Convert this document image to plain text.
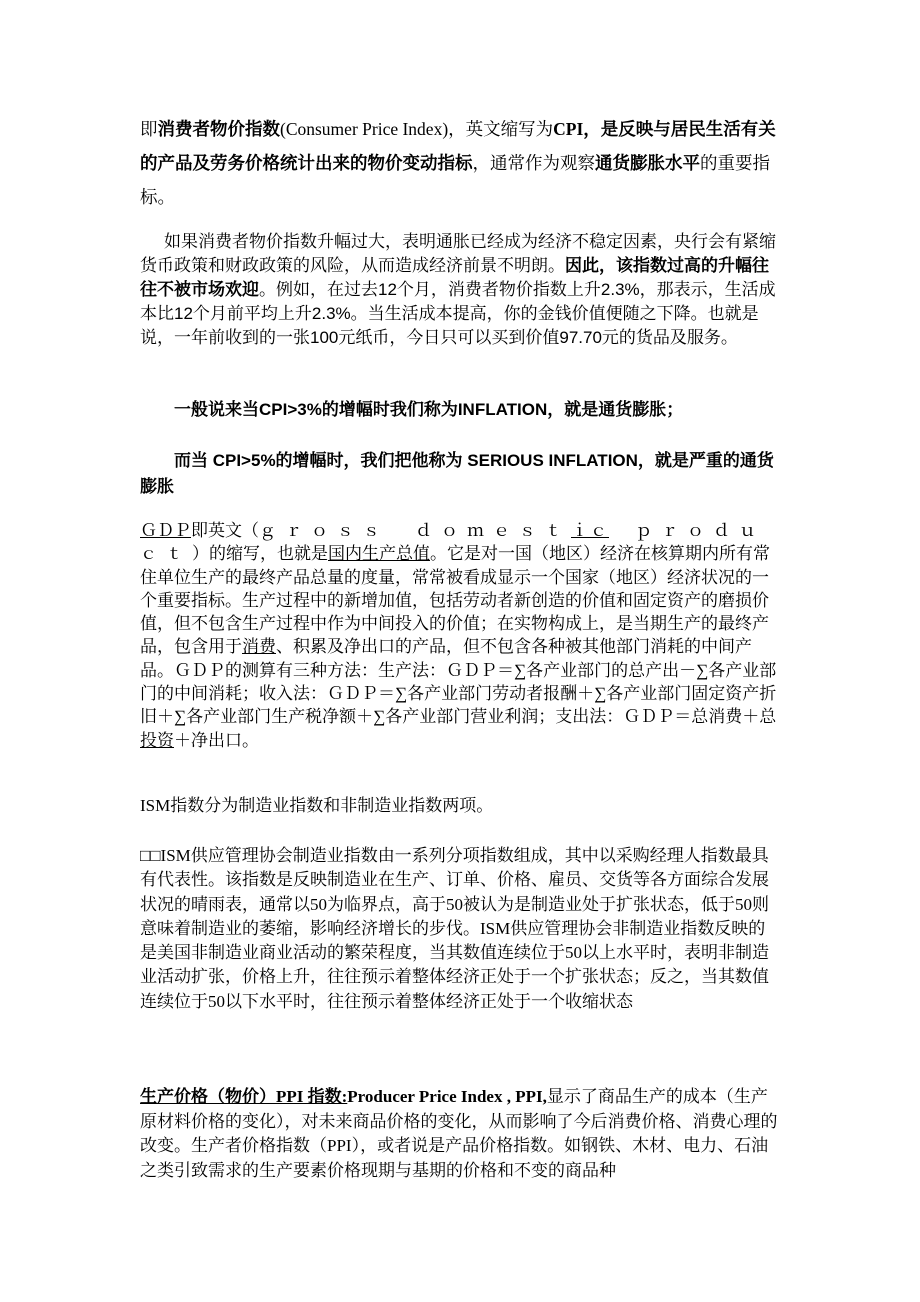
即消费者物价指数(Consumer Price Index)，英文缩写为CPI，是反映与居民生活有关的产品及劳务价格统计出来的物价变动指标，通常作为观察通货膨胀水平的重要指标。

如果消费者物价指数升幅过大，表明通胀已经成为经济不稳定因素，央行会有紧缩货币政策和财政政策的风险，从而造成经济前景不明朗。因此，该指数过高的升幅往往不被市场欢迎。例如，在过去12个月，消费者物价指数上升2.3%，那表示，生活成本比12个月前平均上升2.3%。当生活成本提高，你的金钱价值便随之下降。也就是说，一年前收到的一张100元纸币，今日只可以买到价值97.70元的货品及服务。

一般说来当CPI>3%的增幅时我们称为INFLATION，就是通货膨胀；

而当 CPI>5%的增幅时，我们把他称为 SERIOUS INFLATION，就是严重的通货膨胀

ＧＤＰ即英文（ｇｒｏｓｓ　ｄｏｍｅｓｔｉｃ　ｐｒｏｄｕｃｔ）的缩写，也就是国内生产总值。它是对一国（地区）经济在核算期内所有常住单位生产的最终产品总量的度量，常常被看成显示一个国家（地区）经济状况的一个重要指标。生产过程中的新增加值，包括劳动者新创造的价值和固定资产的磨损价值，但不包含生产过程中作为中间投入的价值；在实物构成上，是当期生产的最终产品，包含用于消费、积累及净出口的产品，但不包含各种被其他部门消耗的中间产品。ＧＤＰ的测算有三种方法：生产法：ＧＤＰ＝∑各产业部门的总产出－∑各产业部门的中间消耗；收入法：ＧＤＰ＝∑各产业部门劳动者报酬＋∑各产业部门固定资产折旧＋∑各产业部门生产税净额＋∑各产业部门营业利润；支出法：ＧＤＰ＝总消费＋总投资＋净出口。

ISM指数分为制造业指数和非制造业指数两项。

□□ISM供应管理协会制造业指数由一系列分项指数组成，其中以采购经理人指数最具有代表性。该指数是反映制造业在生产、订单、价格、雇员、交货等各方面综合发展状况的晴雨表，通常以50为临界点，高于50被认为是制造业处于扩张状态，低于50则意味着制造业的萎缩，影响经济增长的步伐。ISM供应管理协会非制造业指数反映的是美国非制造业商业活动的繁荣程度，当其数值连续位于50以上水平时，表明非制造业活动扩张，价格上升，往往预示着整体经济正处于一个扩张状态；反之，当其数值连续位于50以下水平时，往往预示着整体经济正处于一个收缩状态

生产价格（物价）PPI 指数:Producer Price Index , PPI,显示了商品生产的成本（生产原材料价格的变化），对未来商品价格的变化，从而影响了今后消费价格、消费心理的改变。生产者价格指数（PPI），或者说是产品价格指数。如钢铁、木材、电力、石油之类引致需求的生产要素价格现期与基期的价格和不变的商品种
